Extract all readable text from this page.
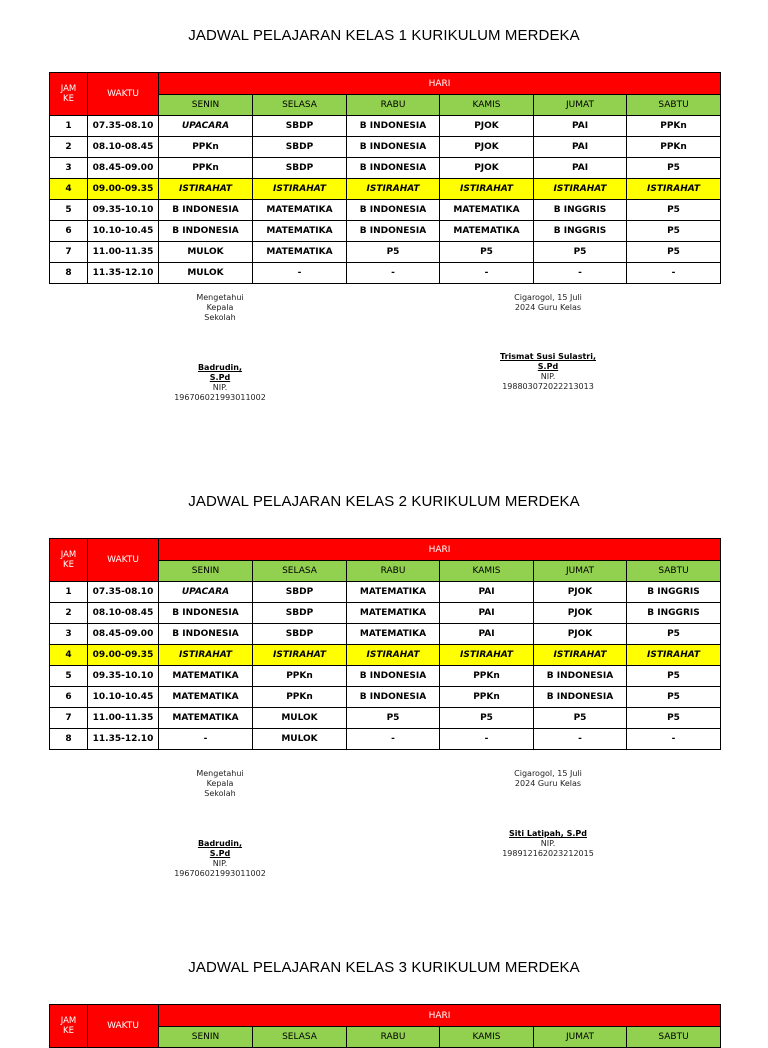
JADWAL PELAJARAN KELAS 1 KURIKULUM MERDEKA
JAM
KE	WAKTU	HARI					
		SENIN	SELASA	RABU	KAMIS	JUMAT	SABTU
1	07.35-08.10	UPACARA	SBDP	B INDONESIA	PJOK	PAI	PPKn
2	08.10-08.45	PPKn	SBDP	B INDONESIA	PJOK	PAI	PPKn
3	08.45-09.00	PPKn	SBDP	B INDONESIA	PJOK	PAI	P5
4	09.00-09.35	ISTIRAHAT	ISTIRAHAT	ISTIRAHAT	ISTIRAHAT	ISTIRAHAT	ISTIRAHAT
5	09.35-10.10	B INDONESIA	MATEMATIKA	B INDONESIA	MATEMATIKA	B INGGRIS	P5
6	10.10-10.45	B INDONESIA	MATEMATIKA	B INDONESIA	MATEMATIKA	B INGGRIS	P5
7	11.00-11.35	MULOK	MATEMATIKA	P5	P5	P5	P5
8	11.35-12.10	MULOK	-	-	-	-	-
Mengetahui
Kepala
Sekolah
Badrudin,
S.Pd
NIP.
196706021993011002
Cigarogol, 15 Juli
2024 Guru Kelas
Trismat Susi Sulastri,
S.Pd
NIP.
198803072022213013
JADWAL PELAJARAN KELAS 2 KURIKULUM MERDEKA
JAM
KE	WAKTU	HARI					
		SENIN	SELASA	RABU	KAMIS	JUMAT	SABTU
1	07.35-08.10	UPACARA	SBDP	MATEMATIKA	PAI	PJOK	B INGGRIS
2	08.10-08.45	B INDONESIA	SBDP	MATEMATIKA	PAI	PJOK	B INGGRIS
3	08.45-09.00	B INDONESIA	SBDP	MATEMATIKA	PAI	PJOK	P5
4	09.00-09.35	ISTIRAHAT	ISTIRAHAT	ISTIRAHAT	ISTIRAHAT	ISTIRAHAT	ISTIRAHAT
5	09.35-10.10	MATEMATIKA	PPKn	B INDONESIA	PPKn	B INDONESIA	P5
6	10.10-10.45	MATEMATIKA	PPKn	B INDONESIA	PPKn	B INDONESIA	P5
7	11.00-11.35	MATEMATIKA	MULOK	P5	P5	P5	P5
8	11.35-12.10	-	MULOK	-	-	-	-
Mengetahui
Kepala
Sekolah
Badrudin,
S.Pd
NIP.
196706021993011002
Cigarogol, 15 Juli
2024 Guru Kelas
Siti Latipah, S.Pd
NIP.
198912162023212015
JADWAL PELAJARAN KELAS 3 KURIKULUM MERDEKA
JAM
KE	WAKTU	HARI					
		SENIN	SELASA	RABU	KAMIS	JUMAT	SABTU
